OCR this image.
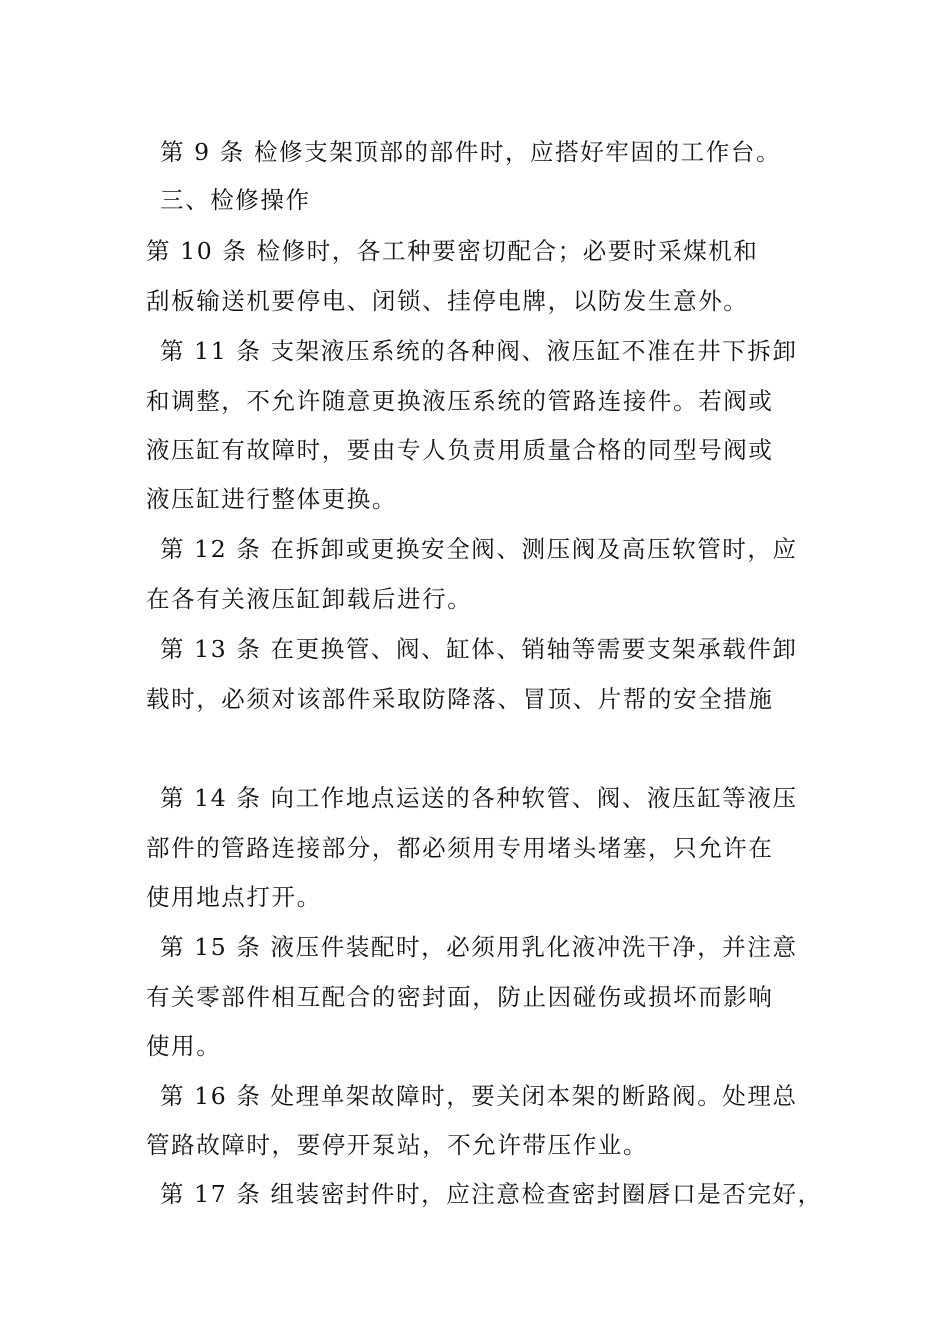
第 9 条 检修支架顶部的部件时，应搭好牢固的工作台。
三、检修操作
第 10 条 检修时，各工种要密切配合；必要时采煤机和
刮板输送机要停电、闭锁、挂停电牌，以防发生意外。
第 11 条 支架液压系统的各种阀、液压缸不准在井下拆卸
和调整，不允许随意更换液压系统的管路连接件。若阀或
液压缸有故障时，要由专人负责用质量合格的同型号阀或
液压缸进行整体更换。
第 12 条 在拆卸或更换安全阀、测压阀及高压软管时，应
在各有关液压缸卸载后进行。
第 13 条 在更换管、阀、缸体、销轴等需要支架承载件卸
载时，必须对该部件采取防降落、冒顶、片帮的安全措施
第 14 条 向工作地点运送的各种软管、阀、液压缸等液压
部件的管路连接部分，都必须用专用堵头堵塞，只允许在
使用地点打开。
第 15 条 液压件装配时，必须用乳化液冲洗干净，并注意
有关零部件相互配合的密封面，防止因碰伤或损坏而影响
使用。
第 16 条 处理单架故障时，要关闭本架的断路阀。处理总
管路故障时，要停开泵站，不允许带压作业。
第 17 条 组装密封件时，应注意检查密封圈唇口是否完好，
